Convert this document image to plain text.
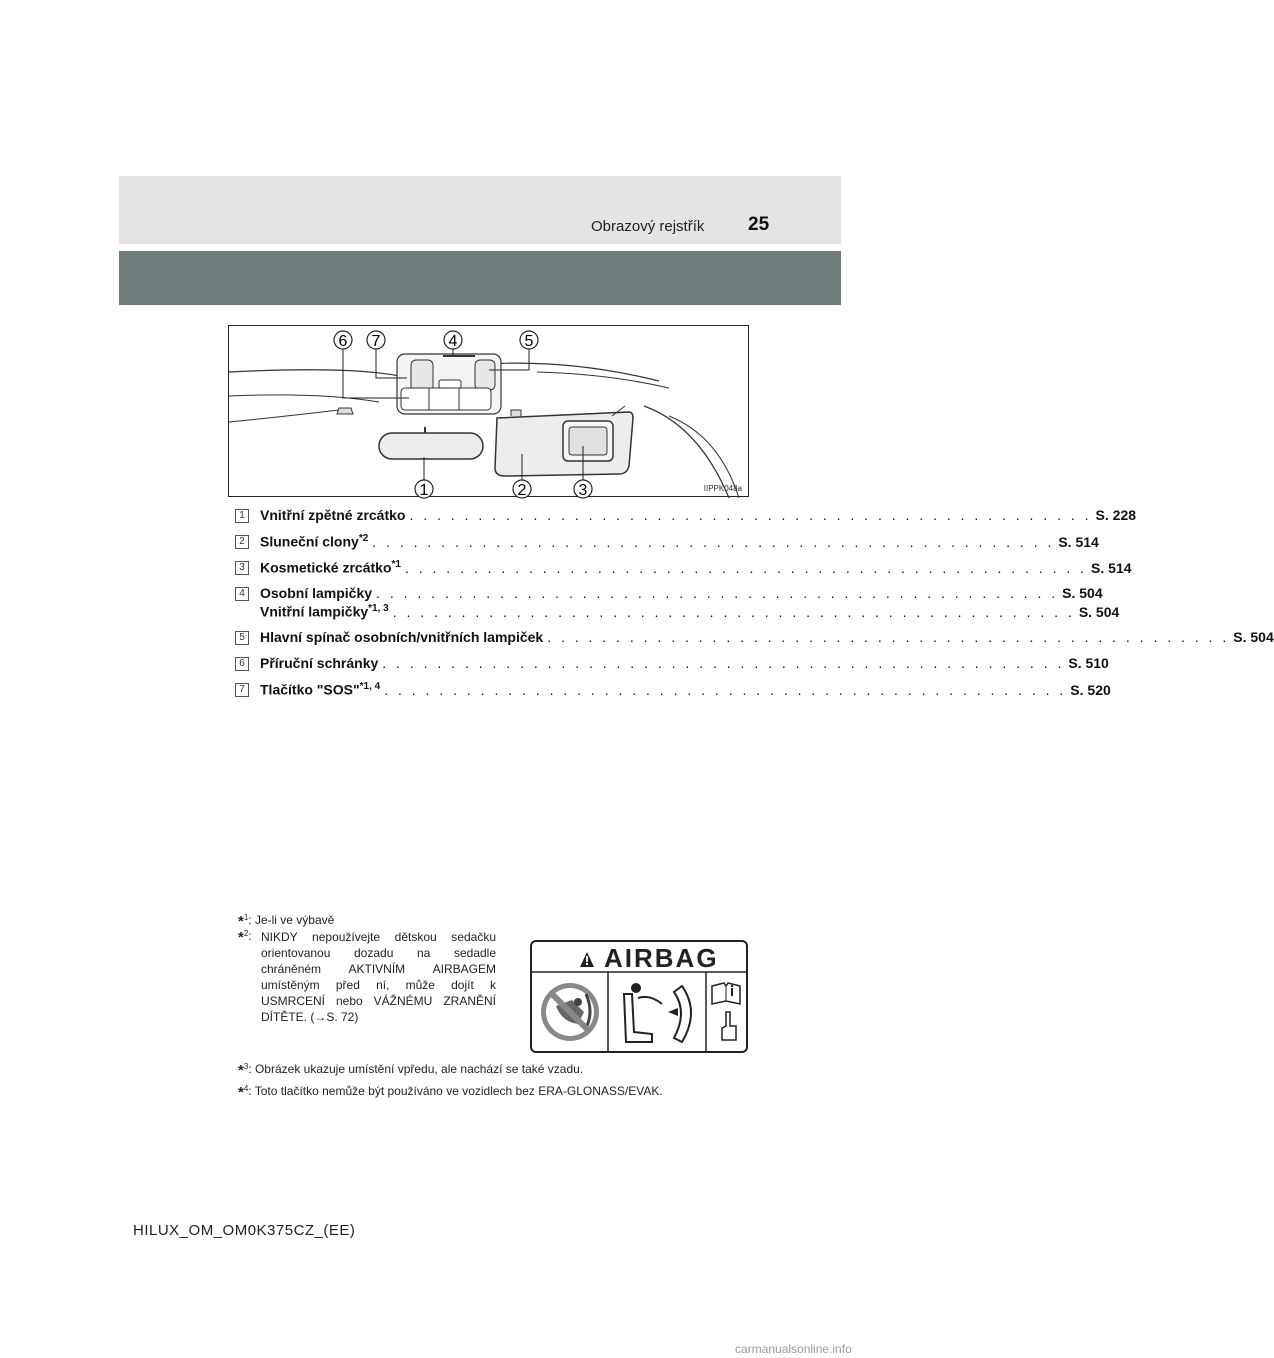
Obrazový rejstřík 25
6 7	4	5
1	2	3	IIPPK048a
1	Vnitřní zpětné zrcátko . . . . . . . . . . . . . . . . . . . . . . . . . . . . . . . . . . . . . . . . . . . . . . . . . . S. 228
2	Sluneční clony$^{*2}$ . . . . . . . . . . . . . . . . . . . . . . . . . . . . . . . . . . . . . . . . . . . . . . . . . . S. 514
3	Kosmetické zrcátko$^{*1}$ . . . . . . . . . . . . . . . . . . . . . . . . . . . . . . . . . . . . . . . . . . . . . . . . . . S. 514
4	Osobní lampičky . . . . . . . . . . . . . . . . . . . . . . . . . . . . . . . . . . . . . . . . . . . . . . . . . . S. 504
Vnitřní lampičky$^{*1, 3}$ . . . . . . . . . . . . . . . . . . . . . . . . . . . . . . . . . . . . . . . . . . . . . . . . . . S. 504
5	Hlavní spínač osobních/vnitřních lampiček . . . . . . . . . . . . . . . . . . . . . . . . . . . . . . . . . . . . . . . . . . . . . . . . . . S. 504
6	Příruční schránky . . . . . . . . . . . . . . . . . . . . . . . . . . . . . . . . . . . . . . . . . . . . . . . . . . S. 510
7	Tlačítko "SOS"$^{*1, 4}$ . . . . . . . . . . . . . . . . . . . . . . . . . . . . . . . . . . . . . . . . . . . . . . . . . . S. 520
*$^1$: Je-li ve výbavě
*$^2$: NIKDY nepoužívejte dětskou sedačku orientovanou dozadu na sedadle chráněném AKTIVNÍM AIRBAGEM umístěným před ní, může dojít k USMRCENÍ nebo VÁŽNÉMU ZRANĚNÍ DÍTĚTE. (→S. 72)
*$^3$: Obrázek ukazuje umístění vpředu, ale nachází se také vzadu.
*$^4$: Toto tlačítko nemůže být používáno ve vozidlech bez ERA-GLONASS/EVAK.
AIRBAG
HILUX_OM_OM0K375CZ_(EE)
carmanualsonline.info
